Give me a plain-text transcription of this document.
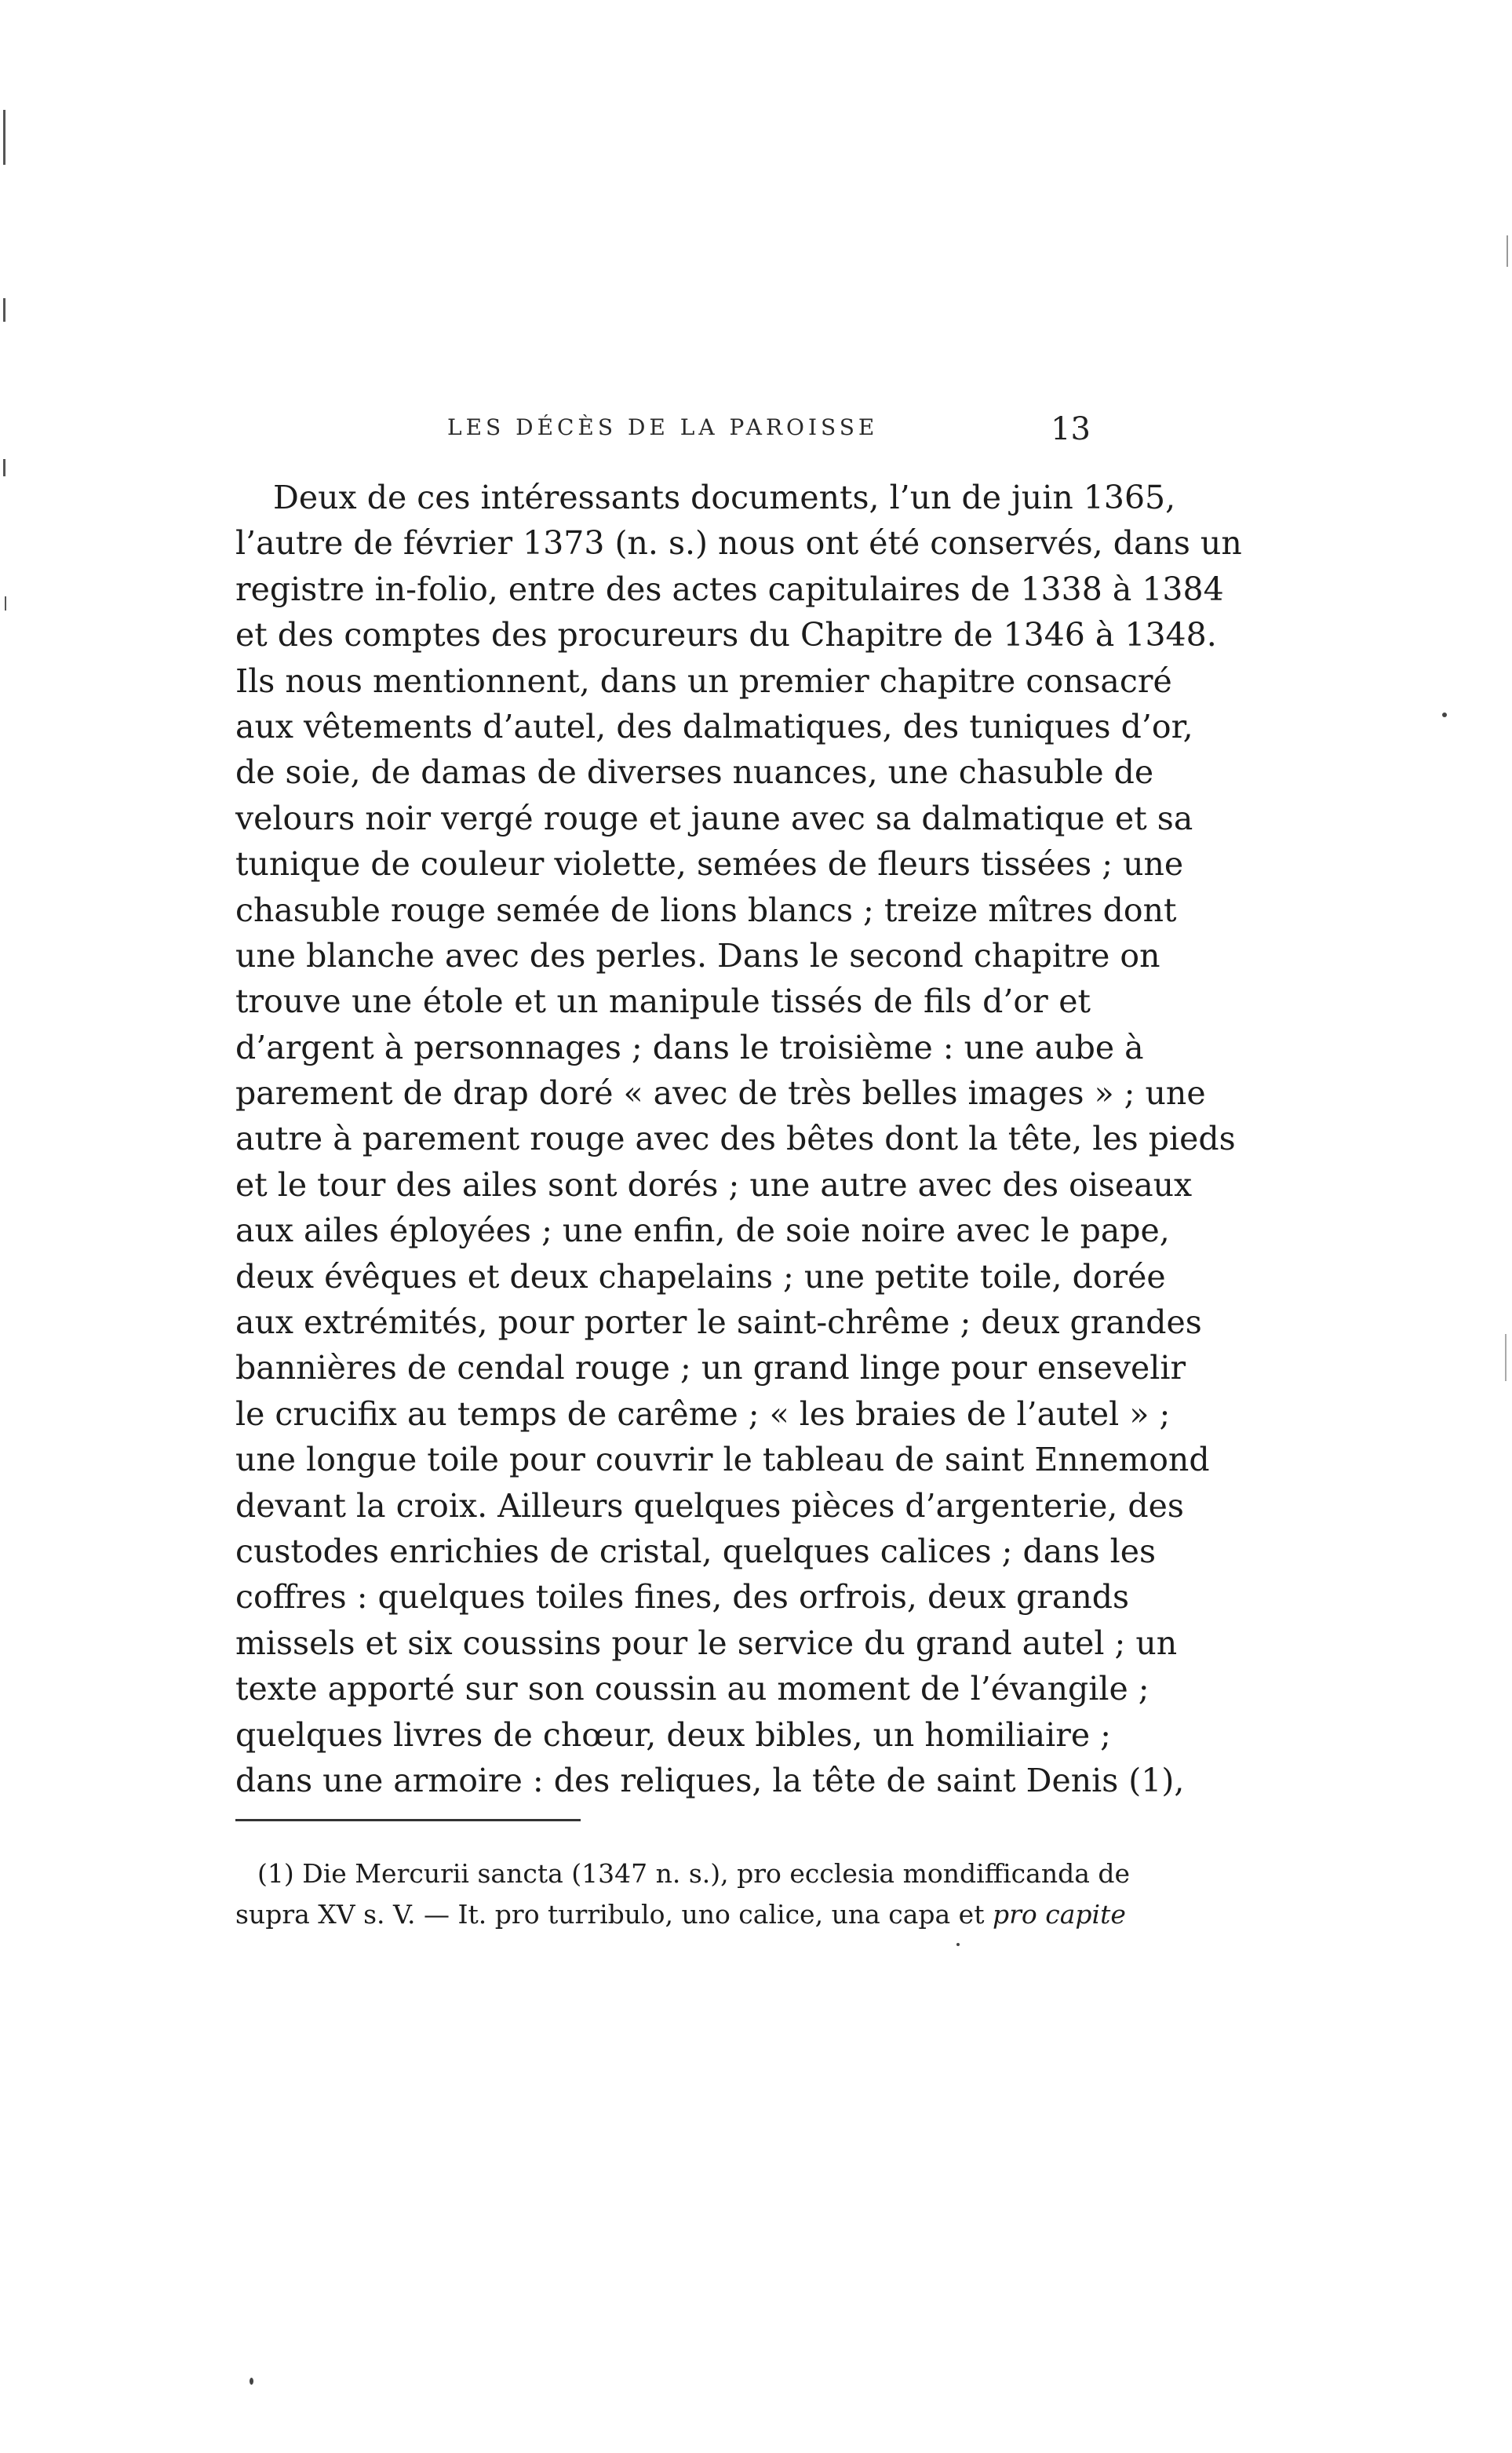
LES DÉCÈS DE LA PAROISSE	13
Deux de ces intéressants documents, l’un de juin 1365,
l’autre de février 1373 (n. s.) nous ont été conservés, dans un
registre in-folio, entre des actes capitulaires de 1338 à 1384
et des comptes des procureurs du Chapitre de 1346 à 1348.
Ils nous mentionnent, dans un premier chapitre consacré
aux vêtements d’autel, des dalmatiques, des tuniques d’or,
de soie, de damas de diverses nuances, une chasuble de
velours noir vergé rouge et jaune avec sa dalmatique et sa
tunique de couleur violette, semées de fleurs tissées ; une
chasuble rouge semée de lions blancs ; treize mîtres dont
une blanche avec des perles. Dans le second chapitre on
trouve une étole et un manipule tissés de fils d’or et
d’argent à personnages ; dans le troisième : une aube à
parement de drap doré « avec de très belles images » ; une
autre à parement rouge avec des bêtes dont la tête, les pieds
et le tour des ailes sont dorés ; une autre avec des oiseaux
aux ailes éployées ; une enfin, de soie noire avec le pape,
deux évêques et deux chapelains ; une petite toile, dorée
aux extrémités, pour porter le saint-chrême ; deux grandes
bannières de cendal rouge ; un grand linge pour ensevelir
le crucifix au temps de carême ; « les braies de l’autel » ;
une longue toile pour couvrir le tableau de saint Ennemond
devant la croix. Ailleurs quelques pièces d’argenterie, des
custodes enrichies de cristal, quelques calices ; dans les
coffres : quelques toiles fines, des orfrois, deux grands
missels et six coussins pour le service du grand autel ; un
texte apporté sur son coussin au moment de l’évangile ;
quelques livres de chœur, deux bibles, un homiliaire ;
dans une armoire : des reliques, la tête de saint Denis (1),
(1) Die Mercurii sancta (1347 n. s.), pro ecclesia mondifficanda de
supra XV s. V. — It. pro turribulo, uno calice, una capa et pro capite
